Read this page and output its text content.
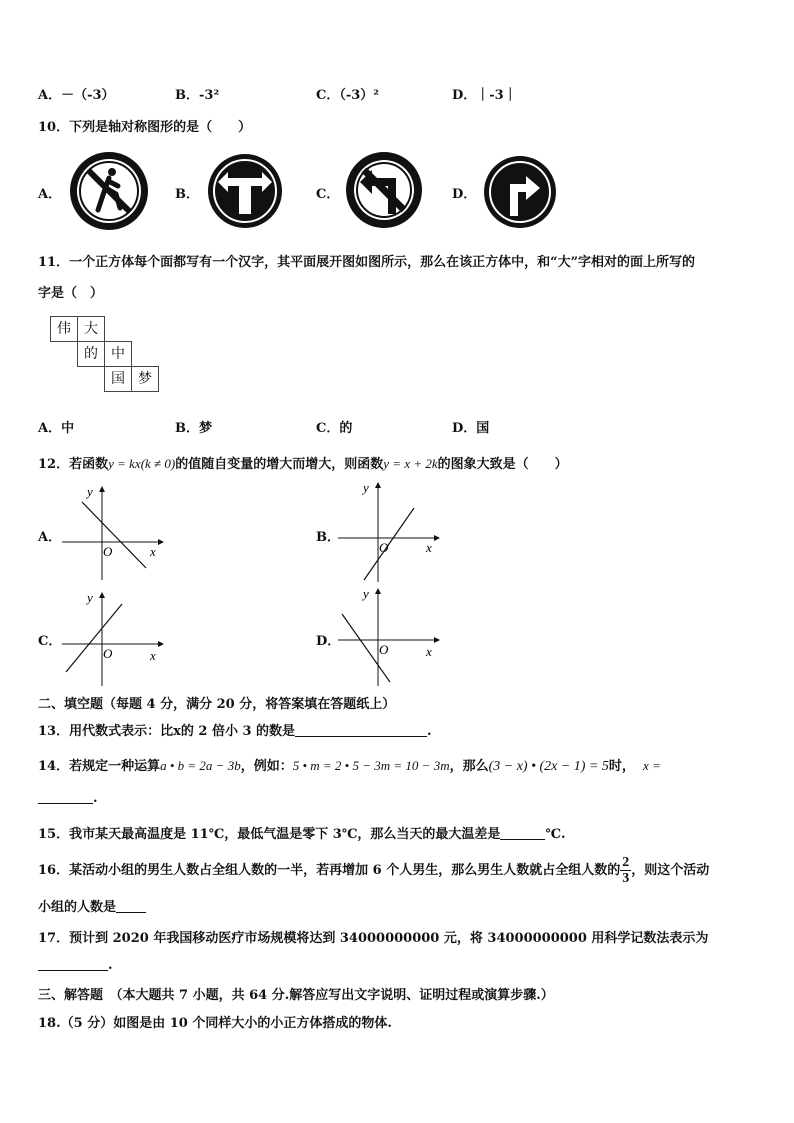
A．－（-3）	B．-3²	C．（-3）²	D．｜-3｜
10．下列是轴对称图形的是（　　）
A．	B．	C．	D．
11．一个正方体每个面都写有一个汉字，其平面展开图如图所示，那么在该正方体中，和“大”字相对的面上所写的
字是（　）
伟 大
的 中
国 梦
A．中	B．梦	C．的	D．国
12．若函数y = kx(k ≠ 0)的值随自变量的增大而增大，则函数y = x + 2k的图象大致是（　　）
A．	B．
C．	D．
y
x
O
y
x
O
y
x
O
y
x
O
二、填空题（每题 4 分，满分 20 分，将答案填在答题纸上）
13．用代数式表示：比x的 2 倍小 3 的数是	.
14．若规定一种运算a • b = 2a − 3b，例如：5 • m = 2 • 5 − 3m = 10 − 3m，那么(3 − x) • (2x − 1) = 5时， x =
.
15．我市某天最高温度是 11℃，最低气温是零下 3℃，那么当天的最大温差是	℃.
16．某活动小组的男生人数占全组人数的一半，若再增加 6 个人男生，那么男生人数就占全组人数的 $\frac{2}{3}$ ，则这个活动
小组的人数是
17．预计到 2020 年我国移动医疗市场规模将达到 34000000000 元，将 34000000000 用科学记数法表示为
.
三、解答题　（本大题共 7 小题，共 64 分.解答应写出文字说明、证明过程或演算步骤.）
18.（5 分）如图是由 10 个同样大小的小正方体搭成的物体.
